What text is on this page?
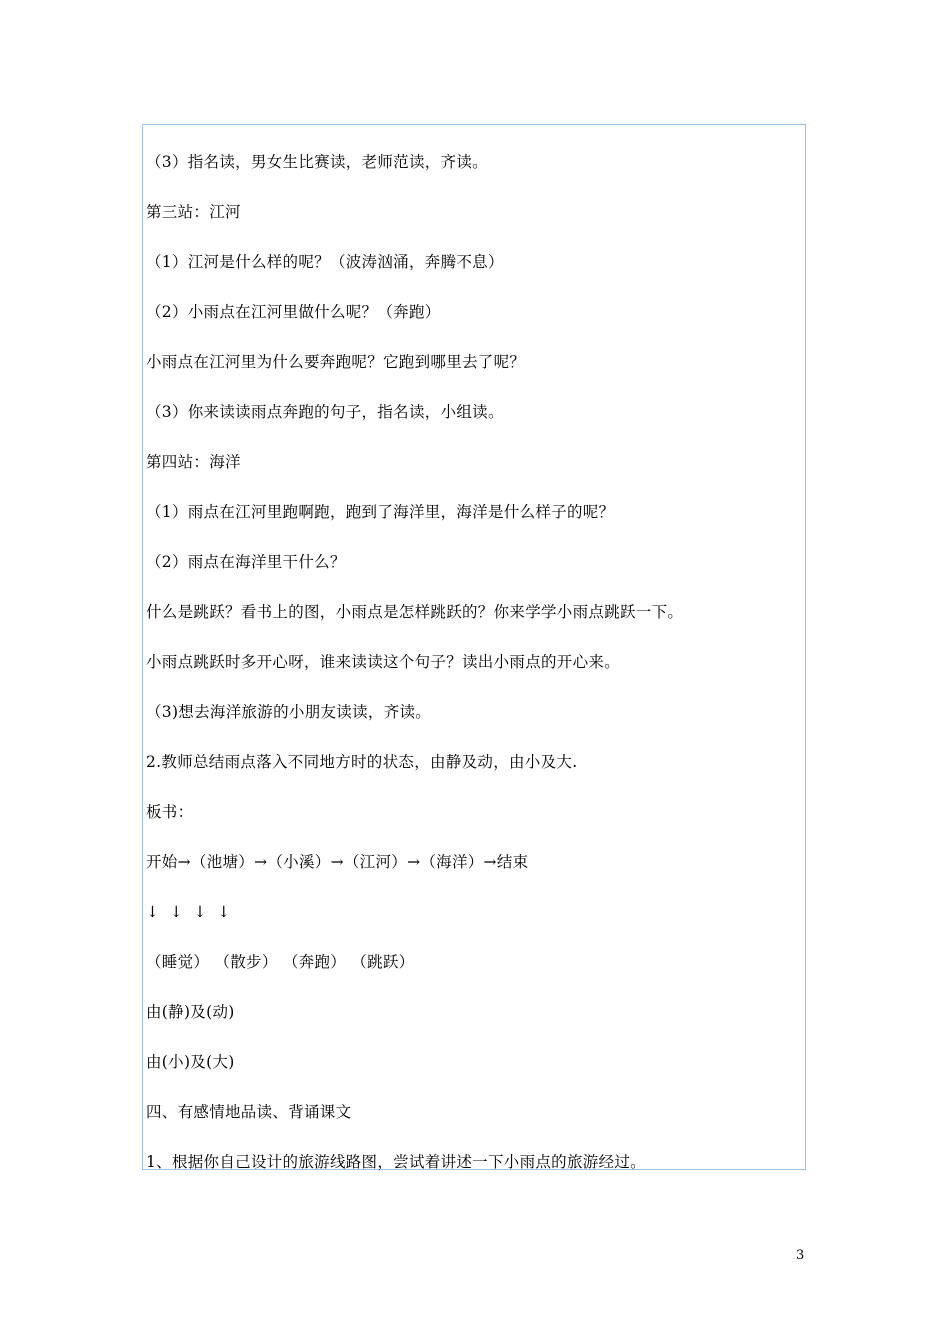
（3）指名读，男女生比赛读，老师范读，齐读。
第三站：江河
（1）江河是什么样的呢？（波涛汹涌，奔腾不息）
（2）小雨点在江河里做什么呢？（奔跑）
小雨点在江河里为什么要奔跑呢？它跑到哪里去了呢？
（3）你来读读雨点奔跑的句子，指名读，小组读。
第四站：海洋
（1）雨点在江河里跑啊跑，跑到了海洋里，海洋是什么样子的呢？
（2）雨点在海洋里干什么？
什么是跳跃？看书上的图，小雨点是怎样跳跃的？你来学学小雨点跳跃一下。
小雨点跳跃时多开心呀，谁来读读这个句子？读出小雨点的开心来。
（3)想去海洋旅游的小朋友读读，齐读。
2.教师总结雨点落入不同地方时的状态，由静及动，由小及大.
板书：
开始→（池塘）→（小溪）→（江河）→（海洋）→结束
↓  ↓  ↓  ↓
（睡觉） （散步） （奔跑） （跳跃）
由(静)及(动)
由(小)及(大)
四、有感情地品读、背诵课文
1、根据你自己设计的旅游线路图，尝试着讲述一下小雨点的旅游经过。
3
